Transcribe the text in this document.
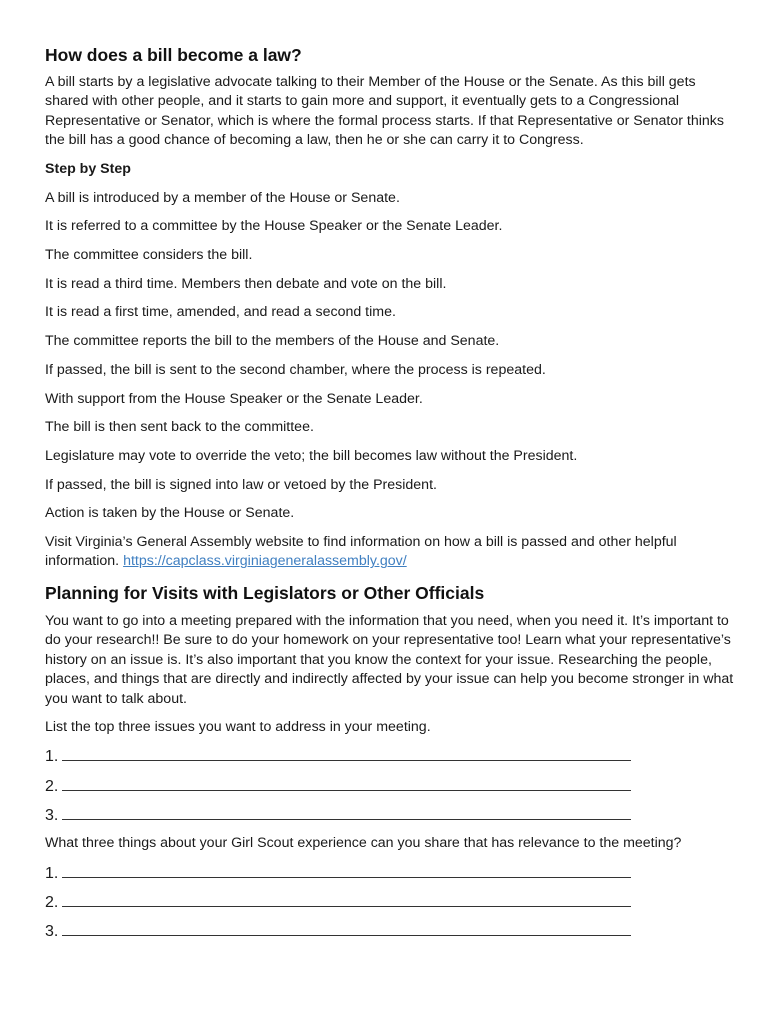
How does a bill become a law?

A bill starts by a legislative advocate talking to their Member of the House or the Senate. As this bill gets shared with other people, and it starts to gain more and support, it eventually gets to a Congressional Representative or Senator, which is where the formal process starts. If that Representative or Senator thinks the bill has a good chance of becoming a law, then he or she can carry it to Congress.

Step by Step

A bill is introduced by a member of the House or Senate.

It is referred to a committee by the House Speaker or the Senate Leader.

The committee considers the bill.

It is read a third time. Members then debate and vote on the bill.

It is read a first time, amended, and read a second time.

The committee reports the bill to the members of the House and Senate.

If passed, the bill is sent to the second chamber, where the process is repeated.

With support from the House Speaker or the Senate Leader.

The bill is then sent back to the committee.

Legislature may vote to override the veto; the bill becomes law without the President.

If passed, the bill is signed into law or vetoed by the President.

Action is taken by the House or Senate.

Visit Virginia’s General Assembly website to find information on how a bill is passed and other helpful information. https://capclass.virginiageneralassembly.gov/

Planning for Visits with Legislators or Other Officials

You want to go into a meeting prepared with the information that you need, when you need it. It’s important to do your research!! Be sure to do your homework on your representative too! Learn what your representative’s history on an issue is. It’s also important that you know the context for your issue. Researching the people, places, and things that are directly and indirectly affected by your issue can help you become stronger in what you want to talk about.

List the top three issues you want to address in your meeting.

1.
2.
3.

What three things about your Girl Scout experience can you share that has relevance to the meeting?

1.
2.
3.
